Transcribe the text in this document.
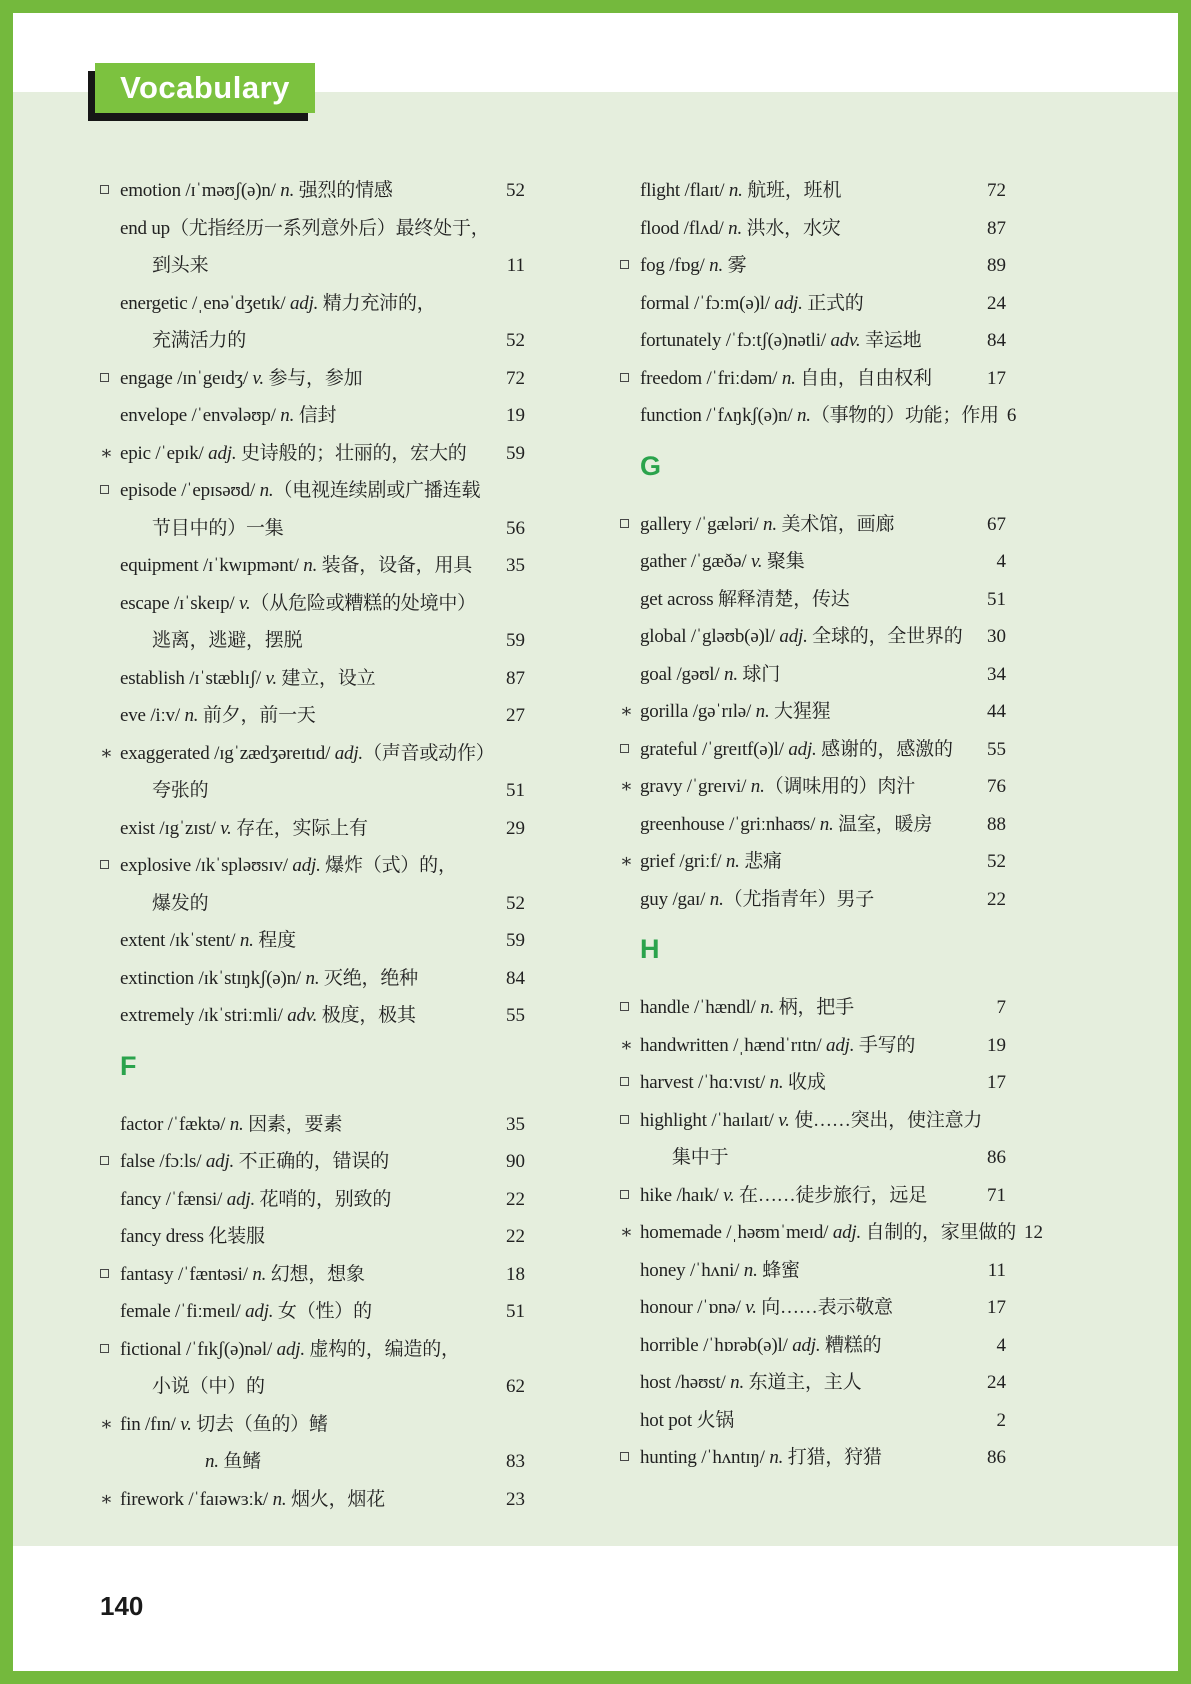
Vocabulary
emotion /ɪˈməʊʃ(ə)n/ n. 强烈的情感	52
end up（尤指经历一系列意外后）最终处于，
到头来	11
energetic /ˌenəˈdʒetɪk/ adj. 精力充沛的，
充满活力的	52
engage /ɪnˈgeɪdʒ/ v. 参与，参加	72
envelope /ˈenvələʊp/ n. 信封	19
∗ epic /ˈepɪk/ adj. 史诗般的；壮丽的，宏大的	59
episode /ˈepɪsəʊd/ n.（电视连续剧或广播连载
节目中的）一集	56
equipment /ɪˈkwɪpmənt/ n. 装备，设备，用具	35
escape /ɪˈskeɪp/ v.（从危险或糟糕的处境中）
逃离，逃避，摆脱	59
establish /ɪˈstæblɪʃ/ v. 建立，设立	87
eve /iːv/ n. 前夕，前一天	27
∗ exaggerated /ɪgˈzædʒəreɪtɪd/ adj.（声音或动作）
夸张的	51
exist /ɪgˈzɪst/ v. 存在，实际上有	29
explosive /ɪkˈspləʊsɪv/ adj. 爆炸（式）的，
爆发的	52
extent /ɪkˈstent/ n. 程度	59
extinction /ɪkˈstɪŋkʃ(ə)n/ n. 灭绝，绝种	84
extremely /ɪkˈstriːmli/ adv. 极度，极其	55
F
factor /ˈfæktə/ n. 因素，要素	35
false /fɔːls/ adj. 不正确的，错误的	90
fancy /ˈfænsi/ adj. 花哨的，别致的	22
fancy dress 化装服	22
fantasy /ˈfæntəsi/ n. 幻想，想象	18
female /ˈfiːmeɪl/ adj. 女（性）的	51
fictional /ˈfɪkʃ(ə)nəl/ adj. 虚构的，编造的，
小说（中）的	62
∗ fin /fɪn/ v. 切去（鱼的）鳍
n. 鱼鳍	83
∗ firework /ˈfaɪəwɜːk/ n. 烟火，烟花	23
flight /flaɪt/ n. 航班，班机	72
flood /flʌd/ n. 洪水，水灾	87
fog /fɒg/ n. 雾	89
formal /ˈfɔːm(ə)l/ adj. 正式的	24
fortunately /ˈfɔːtʃ(ə)nətli/ adv. 幸运地	84
freedom /ˈfriːdəm/ n. 自由，自由权利	17
function /ˈfʌŋkʃ(ə)n/ n.（事物的）功能；作用 6
G
gallery /ˈgæləri/ n. 美术馆，画廊	67
gather /ˈgæðə/ v. 聚集	4
get across 解释清楚，传达	51
global /ˈgləʊb(ə)l/ adj. 全球的，全世界的	30
goal /gəʊl/ n. 球门	34
∗ gorilla /gəˈrɪlə/ n. 大猩猩	44
grateful /ˈgreɪtf(ə)l/ adj. 感谢的，感激的	55
∗ gravy /ˈgreɪvi/ n.（调味用的）肉汁	76
greenhouse /ˈgriːnhaʊs/ n. 温室，暖房	88
∗ grief /griːf/ n. 悲痛	52
guy /gaɪ/ n.（尤指青年）男子	22
H
handle /ˈhændl/ n. 柄，把手	7
∗ handwritten /ˌhændˈrɪtn/ adj. 手写的	19
harvest /ˈhɑːvɪst/ n. 收成	17
highlight /ˈhaɪlaɪt/ v. 使……突出，使注意力
集中于	86
hike /haɪk/ v. 在……徒步旅行，远足	71
∗ homemade /ˌhəʊmˈmeɪd/ adj. 自制的，家里做的 12
honey /ˈhʌni/ n. 蜂蜜	11
honour /ˈɒnə/ v. 向……表示敬意	17
horrible /ˈhɒrəb(ə)l/ adj. 糟糕的	4
host /həʊst/ n. 东道主，主人	24
hot pot 火锅	2
hunting /ˈhʌntɪŋ/ n. 打猎，狩猎	86
140
